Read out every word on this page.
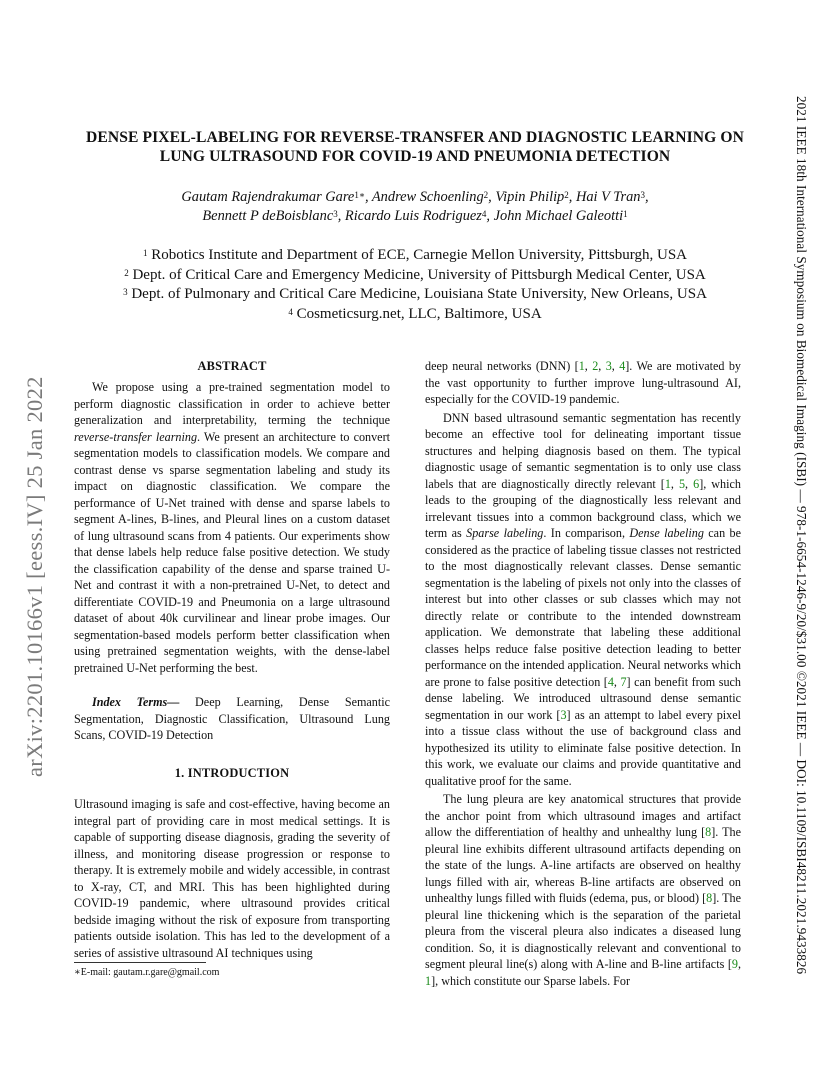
2021 IEEE 18th International Symposium on Biomedical Imaging (ISBI) — 978-1-6654-1246-9/20/$31.00 ©2021 IEEE — DOI: 10.1109/ISBI48211.2021.9433826
arXiv:2201.10166v1 [eess.IV] 25 Jan 2022
DENSE PIXEL-LABELING FOR REVERSE-TRANSFER AND DIAGNOSTIC LEARNING ON
LUNG ULTRASOUND FOR COVID-19 AND PNEUMONIA DETECTION
Gautam Rajendrakumar Gare$^{1∗}$, Andrew Schoenling$^2$, Vipin Philip$^2$, Hai V Tran$^3$,
Bennett P deBoisblanc$^3$, Ricardo Luis Rodriguez$^4$, John Michael Galeotti$^1$
$^1$ Robotics Institute and Department of ECE, Carnegie Mellon University, Pittsburgh, USA
$^2$ Dept. of Critical Care and Emergency Medicine, University of Pittsburgh Medical Center, USA
$^3$ Dept. of Pulmonary and Critical Care Medicine, Louisiana State University, New Orleans, USA
$^4$ Cosmeticsurg.net, LLC, Baltimore, USA
ABSTRACT

We propose using a pre-trained segmentation model to perform diagnostic classification in order to achieve better generalization and interpretability, terming the technique reverse-transfer learning. We present an architecture to convert segmentation models to classification models. We compare and contrast dense vs sparse segmentation labeling and study its impact on diagnostic classification. We compare the performance of U-Net trained with dense and sparse labels to segment A-lines, B-lines, and Pleural lines on a custom dataset of lung ultrasound scans from 4 patients. Our experiments show that dense labels help reduce false positive detection. We study the classification capability of the dense and sparse trained U-Net and contrast it with a non-pretrained U-Net, to detect and differentiate COVID-19 and Pneumonia on a large ultrasound dataset of about 40k curvilinear and linear probe images. Our segmentation-based models perform better classification when using pretrained segmentation weights, with the dense-label pretrained U-Net performing the best.

Index Terms— Deep Learning, Dense Semantic Segmentation, Diagnostic Classification, Ultrasound Lung Scans, COVID-19 Detection

1. INTRODUCTION

Ultrasound imaging is safe and cost-effective, having become an integral part of providing care in most medical settings. It is capable of supporting disease diagnosis, grading the severity of illness, and monitoring disease progression or response to therapy. It is extremely mobile and widely accessible, in contrast to X-ray, CT, and MRI. This has been highlighted during COVID-19 pandemic, where ultrasound provides critical bedside imaging without the risk of exposure from transporting patients outside isolation. This has led to the development of a series of assistive ultrasound AI techniques using

∗E-mail: gautam.r.gare@gmail.com

deep neural networks (DNN) [1, 2, 3, 4]. We are motivated by the vast opportunity to further improve lung-ultrasound AI, especially for the COVID-19 pandemic.

DNN based ultrasound semantic segmentation has recently become an effective tool for delineating important tissue structures and helping diagnosis based on them. The typical diagnostic usage of semantic segmentation is to only use class labels that are diagnostically directly relevant [1, 5, 6], which leads to the grouping of the diagnostically less relevant and irrelevant tissues into a common background class, which we term as Sparse labeling. In comparison, Dense labeling can be considered as the practice of labeling tissue classes not restricted to the most diagnostically relevant classes. Dense semantic segmentation is the labeling of pixels not only into the classes of interest but into other classes or sub classes which may not directly relate or contribute to the intended downstream application. We demonstrate that labeling these additional classes helps reduce false positive detection leading to better performance on the intended application. Neural networks which are prone to false positive detection [4, 7] can benefit from such dense labeling. We introduced ultrasound dense semantic segmentation in our work [3] as an attempt to label every pixel into a tissue class without the use of background class and hypothesized its utility to eliminate false positive detection. In this work, we evaluate our claims and provide quantitative and qualitative proof for the same.

The lung pleura are key anatomical structures that provide the anchor point from which ultrasound images and artifact allow the differentiation of healthy and unhealthy lung [8]. The pleural line exhibits different ultrasound artifacts depending on the state of the lungs. A-line artifacts are observed on healthy lungs filled with air, whereas B-line artifacts are observed on unhealthy lungs filled with fluids (edema, pus, or blood) [8]. The pleural line thickening which is the separation of the parietal pleura from the visceral pleura also indicates a diseased lung condition. So, it is diagnostically relevant and conventional to segment pleural line(s) along with A-line and B-line artifacts [9, 1], which constitute our Sparse labels. For
